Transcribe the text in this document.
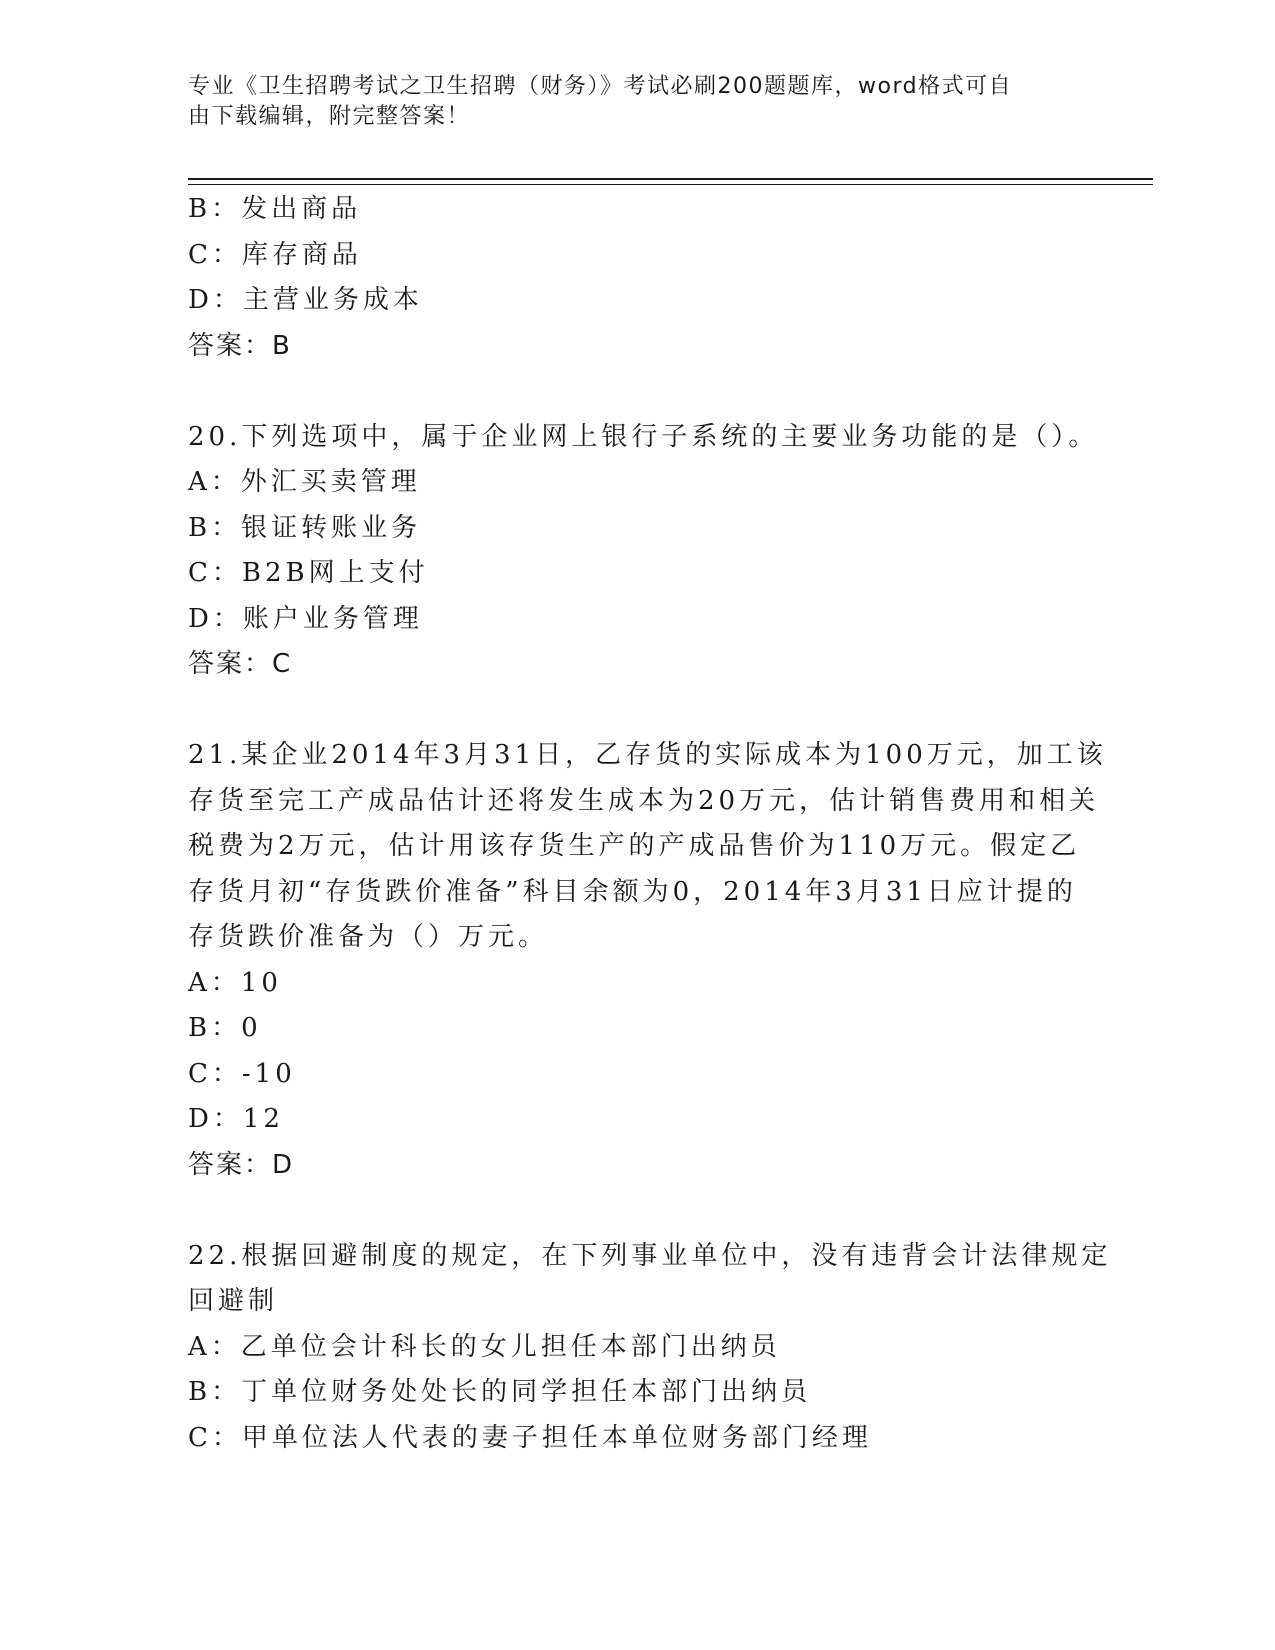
专业《卫生招聘考试之卫生招聘（财务）》考试必刷200题题库，word格式可自
由下载编辑，附完整答案！
B：发出商品
C：库存商品
D：主营业务成本
答案：B
20.下列选项中，属于企业网上银行子系统的主要业务功能的是（）。
A：外汇买卖管理
B：银证转账业务
C：B2B网上支付
D：账户业务管理
答案：C
21.某企业2014年3月31日，乙存货的实际成本为100万元，加工该
存货至完工产成品估计还将发生成本为20万元，估计销售费用和相关
税费为2万元，估计用该存货生产的产成品售价为110万元。假定乙
存货月初“存货跌价准备”科目余额为0，2014年3月31日应计提的
存货跌价准备为（）万元。
A：10
B：0
C：-10
D：12
答案：D
22.根据回避制度的规定，在下列事业单位中，没有违背会计法律规定
回避制
A：乙单位会计科长的女儿担任本部门出纳员
B：丁单位财务处处长的同学担任本部门出纳员
C：甲单位法人代表的妻子担任本单位财务部门经理
